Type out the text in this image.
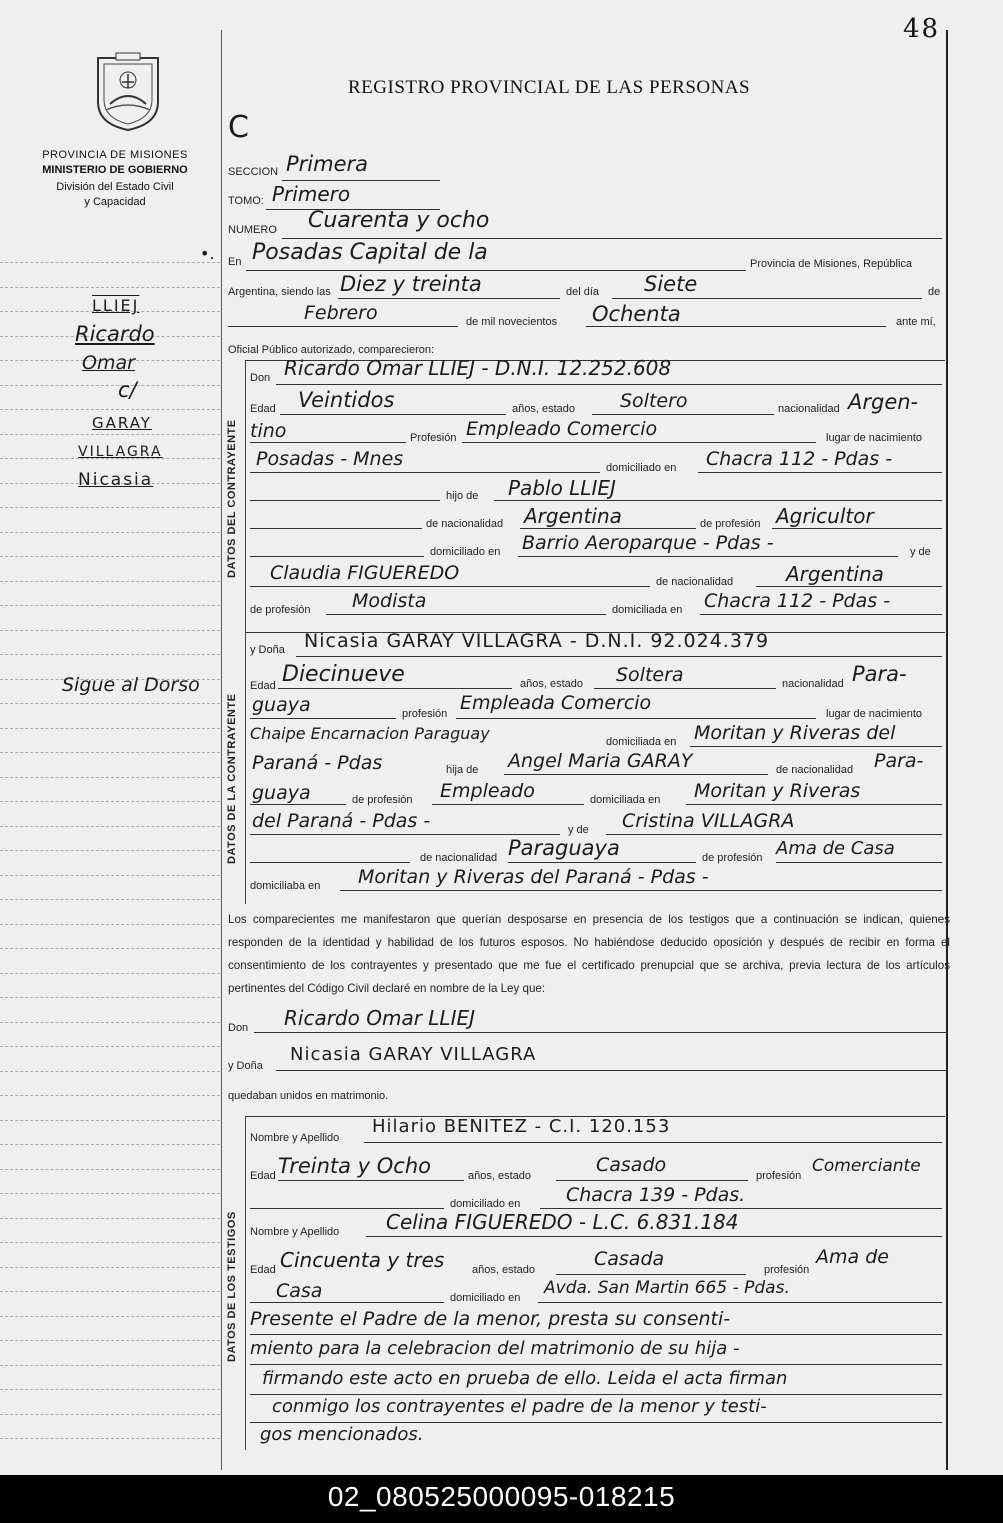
48
PROVINCIA DE MISIONES
MINISTERIO DE GOBIERNO
División del Estado Civil
y Capacidad
REGISTRO PROVINCIAL DE LAS PERSONAS
LLIEJ
Ricardo
Omar
c/
GARAY
VILLAGRA
Nicasia
Sigue al Dorso
C
SECCION Primera
TOMO: Primero
NUMERO Cuarenta y ocho
•. En Posadas Capital de la	Provincia de Misiones, República
Argentina, siendo las Diez y treinta	del día Siete	de
Febrero	de mil novecientos Ochenta	ante mí,
Oficial Público autorizado, comparecieron:
DATOS DEL CONTRAYENTE
Don Ricardo Omar LLIEJ - D.N.I. 12.252.608
Edad Veintidos	años, estado Soltero	nacionalidad Argen-
tino	Profesión Empleado Comercio	lugar de nacimiento
Posadas - Mnes	domiciliado en Chacra 112 - Pdas -
hijo de Pablo LLIEJ
de nacionalidad Argentina	de profesión Agricultor
domiciliado en Barrio Aeroparque - Pdas -	y de
Claudia FIGUEREDO	de nacionalidad	Argentina
de profesión Modista	domiciliada en Chacra 112 - Pdas -
DATOS DE LA CONTRAYENTE
y Doña Nicasia GARAY VILLAGRA - D.N.I. 92.024.379
Edad Diecinueve	años, estado Soltera	nacionalidad Para-
guaya	profesión Empleada Comercio	lugar de nacimiento
Chaipe Encarnacion Paraguay	domiciliada en Moritan y Riveras del
Paraná - Pdas	hija de Angel Maria GARAY	de nacionalidad Para-
guaya	de profesión Empleado	domiciliada en Moritan y Riveras
del Paraná - Pdas -	y de Cristina VILLAGRA
de nacionalidad Paraguaya	de profesión Ama de Casa
domiciliaba en Moritan y Riveras del Paraná - Pdas -
Los comparecientes me manifestaron que querían desposarse en presencia de los testigos que a continuación se indican, quienes responden de la identidad y habilidad de los futuros esposos. No habiéndose deducido oposición y después de recibir en forma el consentimiento de los contrayentes y presentado que me fue el certificado prenupcial que se archiva, previa lectura de los artículos pertinentes del Código Civil declaré en nombre de la Ley que:
Don Ricardo Omar LLIEJ
y Doña
Nicasia GARAY VILLAGRA
quedaban unidos en matrimonio.
DATOS DE LOS TESTIGOS
Nombre y Apellido
Hilario BENITEZ - C.I. 120.153
Edad Treinta y Ocho	años, estado	Casado	profesión Comerciante
domiciliado en Chacra 139 - Pdas.
Nombre y Apellido Celina FIGUEREDO - L.C. 6.831.184
Edad Cincuenta y tres	años, estado	Casada	profesión
Ama de
Casa	domiciliado en Avda. San Martin 665 - Pdas.
Presente el Padre de la menor, presta su consenti-
miento para la celebracion del matrimonio de su hija -
firmando este acto en prueba de ello. Leida el acta firman
conmigo los contrayentes el padre de la menor y testi-
gos mencionados.
02_080525000095-018215
